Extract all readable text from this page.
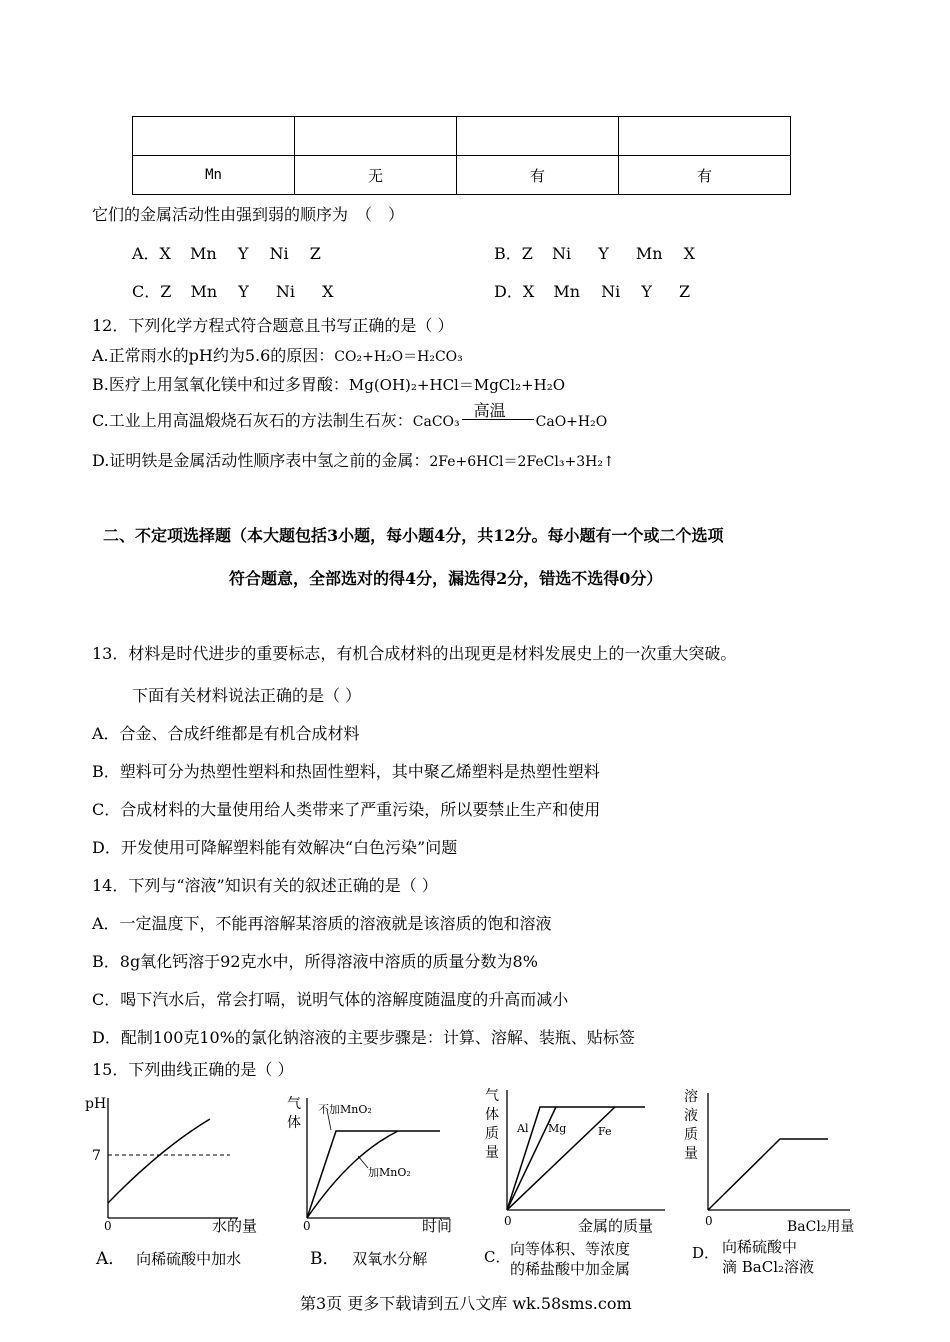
Mn	无	有	有
它们的金属活动性由强到弱的顺序为　（　）
A．X Mn Y Ni Z	B．Z Ni Y Mn X
C．Z Mn Y Ni X	D．X Mn Ni Y Z
12．下列化学方程式符合题意且书写正确的是（ ）
A.正常雨水的pH约为5.6的原因：CO₂+H₂O＝H₂CO₃
B.医疗上用氢氧化镁中和过多胃酸：Mg(OH)₂+HCl＝MgCl₂+H₂O
C.工业上用高温煅烧石灰石的方法制生石灰：CaCO₃
高温
CaO+H₂O
D.证明铁是金属活动性顺序表中氢之前的金属：2Fe+6HCl＝2FeCl₃+3H₂↑
二、不定项选择题（本大题包括3小题，每小题4分，共12分。每小题有一个或二个选项
符合题意，全部选对的得4分，漏选得2分，错选不选得0分）
13．材料是时代进步的重要标志，有机合成材料的出现更是材料发展史上的一次重大突破。
下面有关材料说法正确的是（ ）
A．合金、合成纤维都是有机合成材料
B．塑料可分为热塑性塑料和热固性塑料，其中聚乙烯塑料是热塑性塑料
C．合成材料的大量使用给人类带来了严重污染，所以要禁止生产和使用
D．开发使用可降解塑料能有效解决“白色污染”问题
14．下列与“溶液”知识有关的叙述正确的是（ ）
A．一定温度下，不能再溶解某溶质的溶液就是该溶质的饱和溶液
B．8g氧化钙溶于92克水中，所得溶液中溶质的质量分数为8%
C．喝下汽水后，常会打嗝，说明气体的溶解度随温度的升高而减小
D．配制100克10%的氯化钠溶液的主要步骤是：计算、溶解、装瓶、贴标签
15．下列曲线正确的是（ ）
pH
7
0	水的量
气
体
不加MnO₂
加MnO₂
0	时间
气
体
质
量
Al Mg	Fe
0	金属的质量
溶
液
质
量
0	BaCl₂用量
A． 向稀硫酸中加水	B． 双氧水分解	C． 向等体积、等浓度
的稀盐酸中加金属
D． 向稀硫酸中
滴 BaCl₂溶液
第3页 更多下载请到五八文库 wk.58sms.com
